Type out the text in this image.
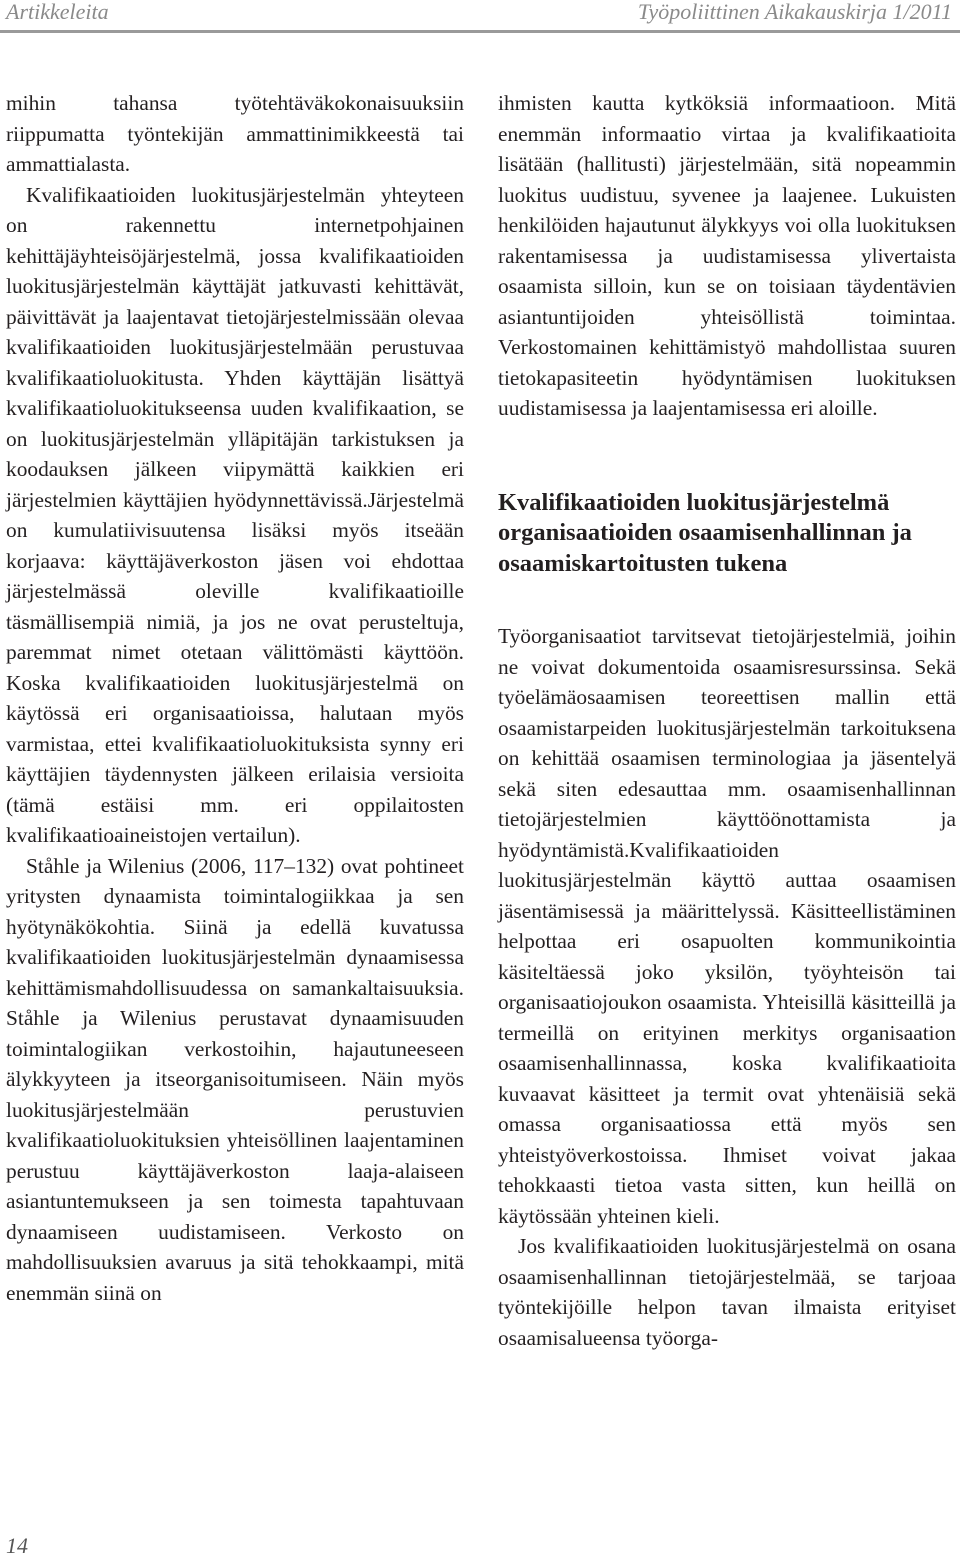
Artikkeleita	Työpoliittinen Aikakauskirja 1/2011

mihin tahansa työtehtäväkokonaisuuksiin riippumatta työntekijän ammattinimikkeestä tai ammattialasta.

Kvalifikaatioiden luokitusjärjestelmän yhteyteen on rakennettu internetpohjainen kehittäjäyhteisöjärjestelmä, jossa kvalifikaatioiden luokitusjärjestelmän käyttäjät jatkuvasti kehittävät, päivittävät ja laajentavat tietojärjestelmissään olevaa kvalifikaatioiden luokitusjärjestelmään perustuvaa kvalifikaatioluokitusta. Yhden käyttäjän lisättyä kvalifikaatioluokitukseensa uuden kvalifikaation, se on luokitusjärjestelmän ylläpitäjän tarkistuksen ja koodauksen jälkeen viipymättä kaikkien eri järjestelmien käyttäjien hyödynnettävissä.Järjestelmä on kumulatiivisuutensa lisäksi myös itseään korjaava: käyttäjäverkoston jäsen voi ehdottaa järjestelmässä oleville kvalifikaatioille täsmällisempiä nimiä, ja jos ne ovat perusteltuja, paremmat nimet otetaan välittömästi käyttöön. Koska kvalifikaatioiden luokitusjärjestelmä on käytössä eri organisaatioissa, halutaan myös varmistaa, ettei kvalifikaatioluokituksista synny eri käyttäjien täydennysten jälkeen erilaisia versioita (tämä estäisi mm. eri oppilaitosten kvalifikaatioaineistojen vertailun).

Ståhle ja Wilenius (2006, 117–132) ovat pohtineet yritysten dynaamista toimintalogiikkaa ja sen hyötynäkökohtia. Siinä ja edellä kuvatussa kvalifikaatioiden luokitusjärjestelmän dynaamisessa kehittämismahdollisuudessa on samankaltaisuuksia. Ståhle ja Wilenius perustavat dynaamisuuden toimintalogiikan verkostoihin, hajautuneeseen älykkyyteen ja itseorganisoitumiseen. Näin myös luokitusjärjestelmään perustuvien kvalifikaatioluokituksien yhteisöllinen laajentaminen perustuu käyttäjäverkoston laaja-alaiseen asiantuntemukseen ja sen toimesta tapahtuvaan dynaamiseen uudistamiseen. Verkosto on mahdollisuuksien avaruus ja sitä tehokkaampi, mitä enemmän siinä on

ihmisten kautta kytköksiä informaatioon. Mitä enemmän informaatio virtaa ja kvalifikaatioita lisätään (hallitusti) järjestelmään, sitä nopeammin luokitus uudistuu, syvenee ja laajenee. Lukuisten henkilöiden hajautunut älykkyys voi olla luokituksen rakentamisessa ja uudistamisessa ylivertaista osaamista silloin, kun se on toisiaan täydentävien asiantuntijoiden yhteisöllistä toimintaa. Verkostomainen kehittämistyö mahdollistaa suuren tietokapasiteetin hyödyntämisen luokituksen uudistamisessa ja laajentamisessa eri aloille.

Kvalifikaatioiden luokitusjärjestelmä organisaatioiden osaamisenhallinnan ja osaamiskartoitusten tukena

Työorganisaatiot tarvitsevat tietojärjestelmiä, joihin ne voivat dokumentoida osaamisresurssinsa. Sekä työelämäosaamisen teoreettisen mallin että osaamistarpeiden luokitusjärjestelmän tarkoituksena on kehittää osaamisen terminologiaa ja jäsentelyä sekä siten edesauttaa mm. osaamisenhallinnan tietojärjestelmien käyttöönottamista ja hyödyntämistä.Kvalifikaatioiden luokitusjärjestelmän käyttö auttaa osaamisen jäsentämisessä ja määrittelyssä. Käsitteellistäminen helpottaa eri osapuolten kommunikointia käsiteltäessä joko yksilön, työyhteisön tai organisaatiojoukon osaamista. Yhteisillä käsitteillä ja termeillä on erityinen merkitys organisaation osaamisenhallinnassa, koska kvalifikaatioita kuvaavat käsitteet ja termit ovat yhtenäisiä sekä omassa organisaatiossa että myös sen yhteistyöverkostoissa. Ihmiset voivat jakaa tehokkaasti tietoa vasta sitten, kun heillä on käytössään yhteinen kieli.

Jos kvalifikaatioiden luokitusjärjestelmä on osana osaamisenhallinnan tietojärjestelmää, se tarjoaa työntekijöille helpon tavan ilmaista erityiset osaamisalueensa työorga-

14
